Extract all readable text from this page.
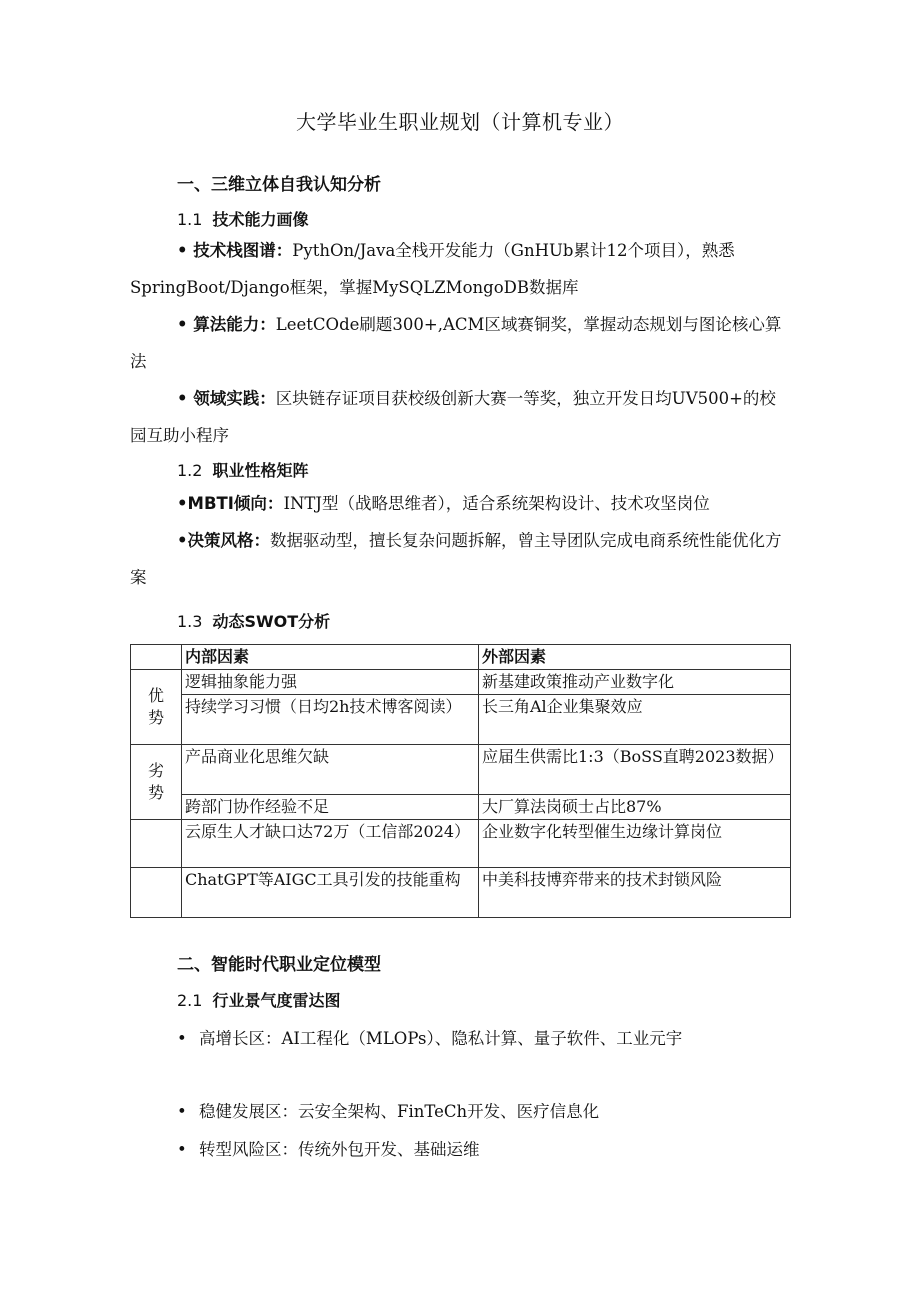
大学毕业生职业规划（计算机专业）
一、三维立体自我认知分析
1.1 技术能力画像

• 技术栈图谱：PythOn/Java全栈开发能力（GnHUb累计12个项目），熟悉SpringBoot/Django框架，掌握MySQLZMongoDB数据库

• 算法能力：LeetCOde刷题300+,ACM区域赛铜奖，掌握动态规划与图论核心算法

• 领域实践：区块链存证项目获校级创新大赛一等奖，独立开发日均UV500+的校园互助小程序

1.2 职业性格矩阵

•MBTI倾向：INTJ型（战略思维者），适合系统架构设计、技术攻坚岗位

•决策风格：数据驱动型，擅长复杂问题拆解，曾主导团队完成电商系统性能优化方案

1.3 动态SWOT分析
	内部因素	外部因素
优势	逻辑抽象能力强	新基建政策推动产业数字化
	持续学习习惯（日均2h技术博客阅读）	长三角Al企业集聚效应
劣势	产品商业化思维欠缺	应届生供需比1:3（BoSS直聘2023数据）
	跨部门协作经验不足	大厂算法岗硕士占比87%
	云原生人才缺口达72万（工信部2024）	企业数字化转型催生边缘计算岗位
	ChatGPT等AIGC工具引发的技能重构	中美科技博弈带来的技术封锁风险
二、智能时代职业定位模型
2.1 行业景气度雷达图
• 高增长区：AI工程化（MLOPs）、隐私计算、量子软件、工业元宇
• 稳健发展区：云安全架构、FinTeCh开发、医疗信息化
• 转型风险区：传统外包开发、基础运维
